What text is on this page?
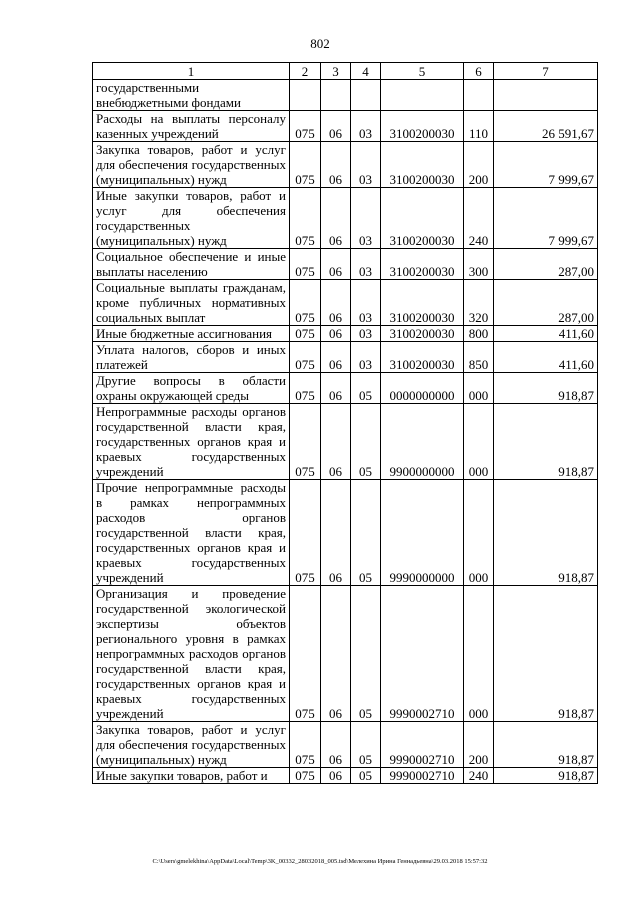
802
1	2	3	4	5	6	7
государственными внебюджетными фондами						
Расходы на выплаты персоналу казенных учреждений	075	06	03	3100200030	110	26 591,67
Закупка товаров, работ и услуг для обеспечения государственных (муниципальных) нужд	075	06	03	3100200030	200	7 999,67
Иные закупки товаров, работ и услуг для обеспечения государственных (муниципальных) нужд	075	06	03	3100200030	240	7 999,67
Социальное обеспечение и иные выплаты населению	075	06	03	3100200030	300	287,00
Социальные выплаты гражданам, кроме публичных нормативных социальных выплат	075	06	03	3100200030	320	287,00
Иные бюджетные ассигнования	075	06	03	3100200030	800	411,60
Уплата налогов, сборов и иных платежей	075	06	03	3100200030	850	411,60
Другие вопросы в области охраны окружающей среды	075	06	05	0000000000	000	918,87
Непрограммные расходы органов государственной власти края, государственных органов края и краевых государственных учреждений	075	06	05	9900000000	000	918,87
Прочие непрограммные расходы в рамках непрограммных расходов органов государственной власти края, государственных органов края и краевых государственных учреждений	075	06	05	9990000000	000	918,87
Организация и проведение государственной экологической экспертизы объектов регионального уровня в рамках непрограммных расходов органов государственной власти края, государственных органов края и краевых государственных учреждений	075	06	05	9990002710	000	918,87
Закупка товаров, работ и услуг для обеспечения государственных (муниципальных) нужд	075	06	05	9990002710	200	918,87
Иные закупки товаров, работ и	075	06	05	9990002710	240	918,87
C:\Users\gmelekhina\AppData\Local\Temp\3K_00332_28032018_005.tsd\Мелехина Ирина Геннадьевна\29.03.2018 15:57:32
